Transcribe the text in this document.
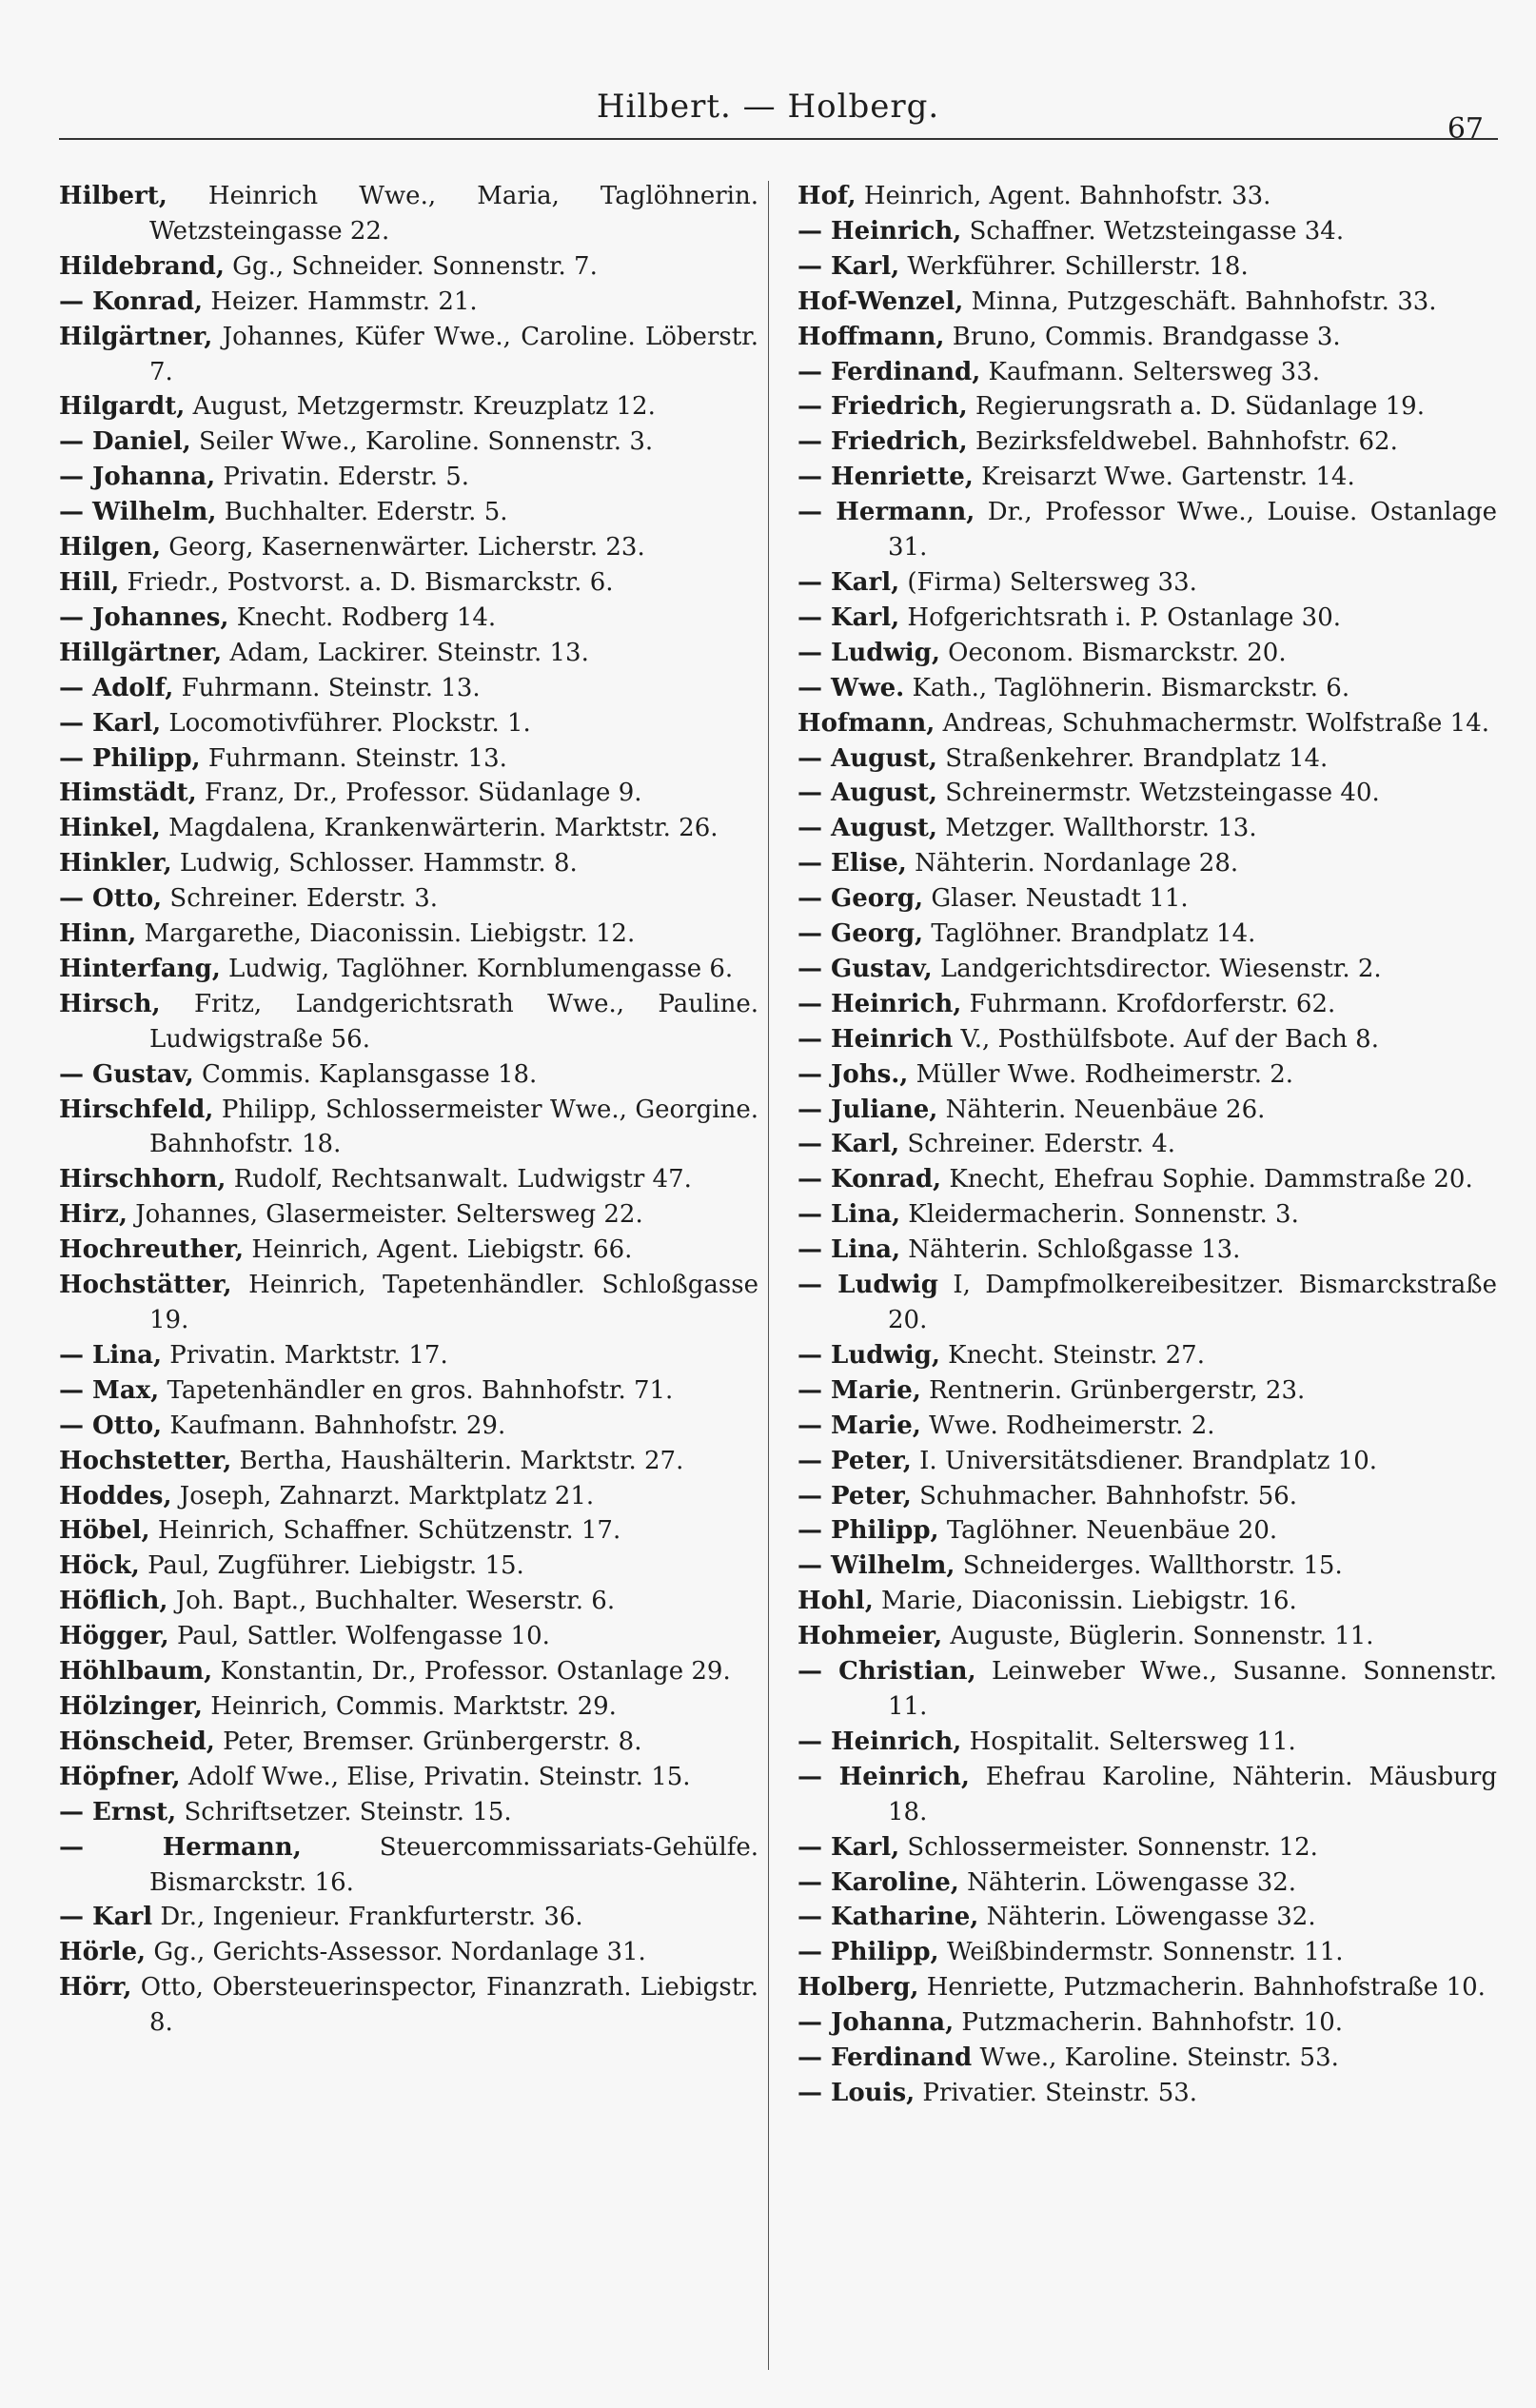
Hilbert. — Holberg.
67
Hilbert, Heinrich Wwe., Maria, Taglöhnerin. Wetzsteingasse 22.
Hildebrand, Gg., Schneider. Sonnenstr. 7.
— Konrad, Heizer. Hammstr. 21.
Hilgärtner, Johannes, Küfer Wwe., Caroline. Löberstr. 7.
Hilgardt, August, Metzgermstr. Kreuzplatz 12.
— Daniel, Seiler Wwe., Karoline. Sonnenstr. 3.
— Johanna, Privatin. Ederstr. 5.
— Wilhelm, Buchhalter. Ederstr. 5.
Hilgen, Georg, Kasernenwärter. Licherstr. 23.
Hill, Friedr., Postvorst. a. D. Bismarckstr. 6.
— Johannes, Knecht. Rodberg 14.
Hillgärtner, Adam, Lackirer. Steinstr. 13.
— Adolf, Fuhrmann. Steinstr. 13.
— Karl, Locomotivführer. Plockstr. 1.
— Philipp, Fuhrmann. Steinstr. 13.
Himstädt, Franz, Dr., Professor. Südanlage 9.
Hinkel, Magdalena, Krankenwärterin. Marktstr. 26.
Hinkler, Ludwig, Schlosser. Hammstr. 8.
— Otto, Schreiner. Ederstr. 3.
Hinn, Margarethe, Diaconissin. Liebigstr. 12.
Hinterfang, Ludwig, Taglöhner. Kornblumengasse 6.
Hirsch, Fritz, Landgerichtsrath Wwe., Pauline. Ludwigstraße 56.
— Gustav, Commis. Kaplansgasse 18.
Hirschfeld, Philipp, Schlossermeister Wwe., Georgine. Bahnhofstr. 18.
Hirschhorn, Rudolf, Rechtsanwalt. Ludwigstr 47.
Hirz, Johannes, Glasermeister. Seltersweg 22.
Hochreuther, Heinrich, Agent. Liebigstr. 66.
Hochstätter, Heinrich, Tapetenhändler. Schloßgasse 19.
— Lina, Privatin. Marktstr. 17.
— Max, Tapetenhändler en gros. Bahnhofstr. 71.
— Otto, Kaufmann. Bahnhofstr. 29.
Hochstetter, Bertha, Haushälterin. Marktstr. 27.
Hoddes, Joseph, Zahnarzt. Marktplatz 21.
Höbel, Heinrich, Schaffner. Schützenstr. 17.
Höck, Paul, Zugführer. Liebigstr. 15.
Höflich, Joh. Bapt., Buchhalter. Weserstr. 6.
Högger, Paul, Sattler. Wolfengasse 10.
Höhlbaum, Konstantin, Dr., Professor. Ostanlage 29.
Hölzinger, Heinrich, Commis. Marktstr. 29.
Hönscheid, Peter, Bremser. Grünbergerstr. 8.
Höpfner, Adolf Wwe., Elise, Privatin. Steinstr. 15.
— Ernst, Schriftsetzer. Steinstr. 15.
— Hermann,	Steuercommissariats-Gehülfe. Bismarckstr. 16.
— Karl Dr., Ingenieur. Frankfurterstr. 36.
Hörle, Gg., Gerichts-Assessor. Nordanlage 31.
Hörr, Otto, Obersteuerinspector, Finanzrath. Liebigstr. 8.
Hof, Heinrich, Agent. Bahnhofstr. 33.
— Heinrich, Schaffner. Wetzsteingasse 34.
— Karl, Werkführer. Schillerstr. 18.
Hof-Wenzel, Minna, Putzgeschäft. Bahnhofstr. 33.
Hoffmann, Bruno, Commis. Brandgasse 3.
— Ferdinand, Kaufmann. Seltersweg 33.
— Friedrich, Regierungsrath a. D. Südanlage 19.
— Friedrich, Bezirksfeldwebel. Bahnhofstr. 62.
— Henriette, Kreisarzt Wwe. Gartenstr. 14.
— Hermann, Dr., Professor Wwe., Louise. Ostanlage 31.
— Karl, (Firma) Seltersweg 33.
— Karl, Hofgerichtsrath i. P. Ostanlage 30.
— Ludwig, Oeconom. Bismarckstr. 20.
— Wwe. Kath., Taglöhnerin. Bismarckstr. 6.
Hofmann, Andreas, Schuhmachermstr. Wolfstraße 14.
— August, Straßenkehrer. Brandplatz 14.
— August, Schreinermstr. Wetzsteingasse 40.
— August, Metzger. Wallthorstr. 13.
— Elise, Nähterin. Nordanlage 28.
— Georg, Glaser. Neustadt 11.
— Georg, Taglöhner. Brandplatz 14.
— Gustav, Landgerichtsdirector. Wiesenstr. 2.
— Heinrich, Fuhrmann. Krofdorferstr. 62.
— Heinrich V., Posthülfsbote. Auf der Bach 8.
— Johs., Müller Wwe. Rodheimerstr. 2.
— Juliane, Nähterin. Neuenbäue 26.
— Karl, Schreiner. Ederstr. 4.
— Konrad, Knecht, Ehefrau Sophie. Dammstraße 20.
— Lina, Kleidermacherin. Sonnenstr. 3.
— Lina, Nähterin. Schloßgasse 13.
— Ludwig I, Dampfmolkereibesitzer. Bismarckstraße 20.
— Ludwig, Knecht. Steinstr. 27.
— Marie, Rentnerin. Grünbergerstr, 23.
— Marie, Wwe. Rodheimerstr. 2.
— Peter, I. Universitätsdiener. Brandplatz 10.
— Peter, Schuhmacher. Bahnhofstr. 56.
— Philipp, Taglöhner. Neuenbäue 20.
— Wilhelm, Schneiderges. Wallthorstr. 15.
Hohl, Marie, Diaconissin. Liebigstr. 16.
Hohmeier, Auguste, Büglerin. Sonnenstr. 11.
— Christian, Leinweber Wwe., Susanne. Sonnenstr. 11.
— Heinrich, Hospitalit. Seltersweg 11.
— Heinrich, Ehefrau Karoline, Nähterin. Mäusburg 18.
— Karl, Schlossermeister. Sonnenstr. 12.
— Karoline, Nähterin. Löwengasse 32.
— Katharine, Nähterin. Löwengasse 32.
— Philipp, Weißbindermstr. Sonnenstr. 11.
Holberg, Henriette, Putzmacherin. Bahnhofstraße 10.
— Johanna, Putzmacherin. Bahnhofstr. 10.
— Ferdinand Wwe., Karoline. Steinstr. 53.
— Louis, Privatier. Steinstr. 53.
